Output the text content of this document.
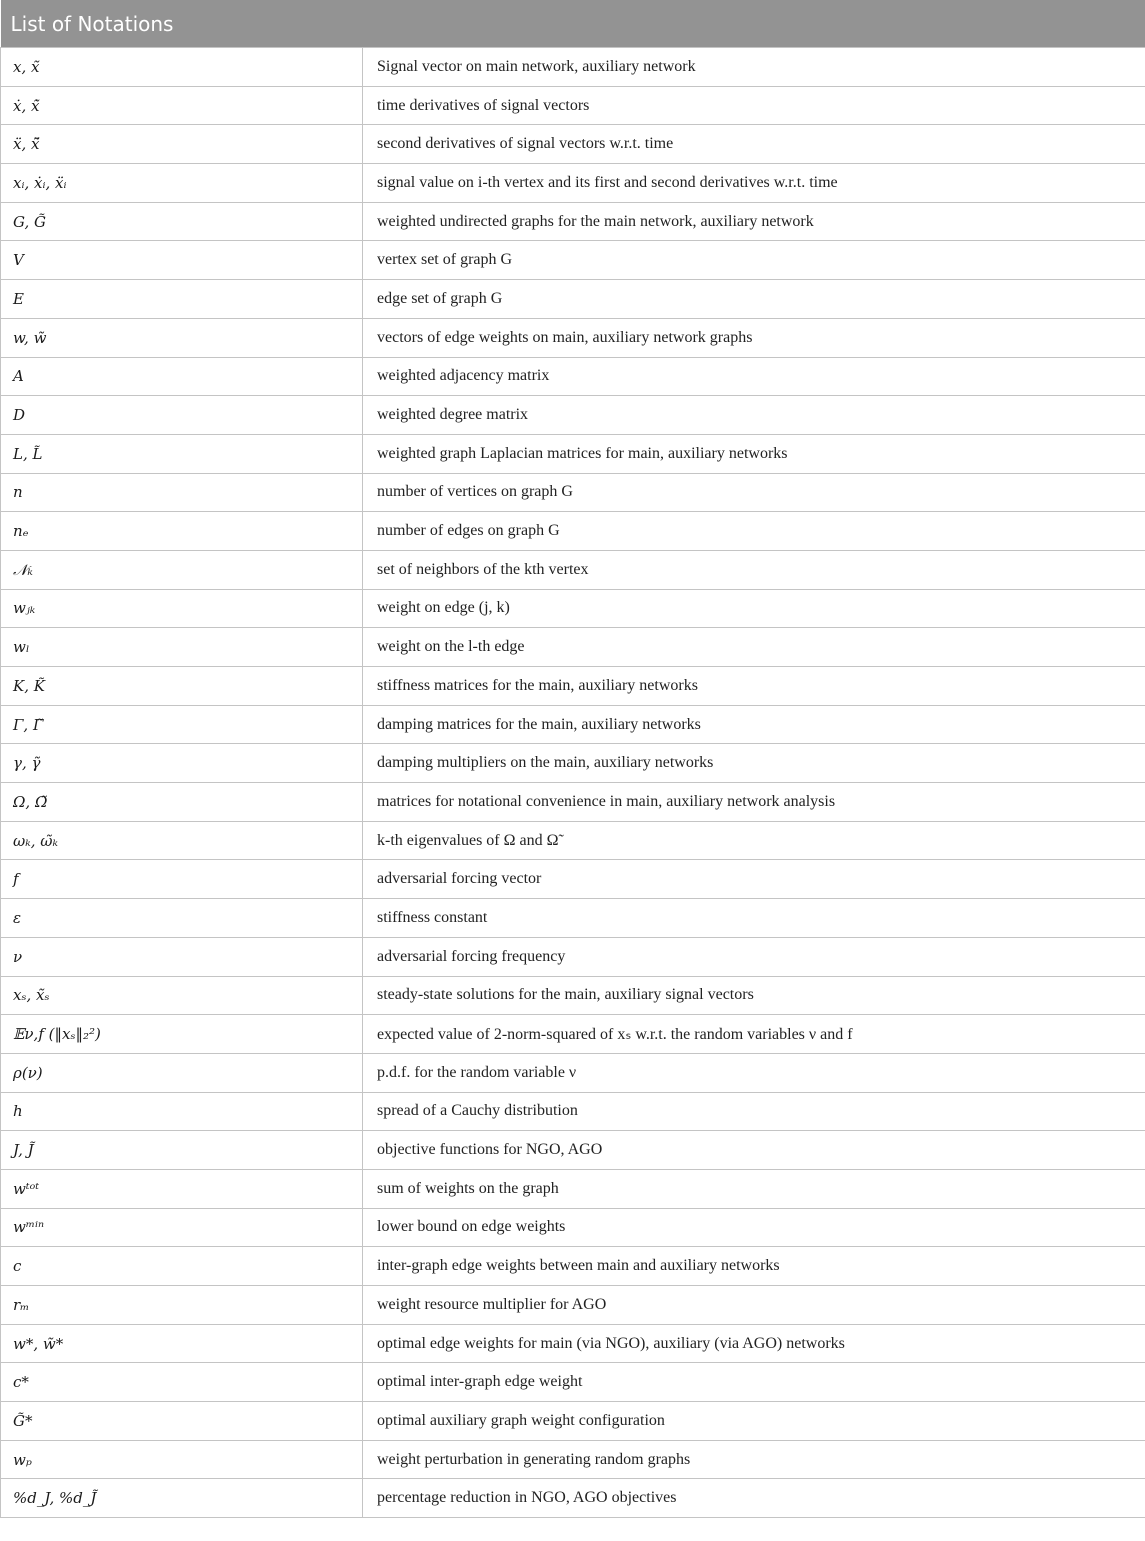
List of Notations	
x, x̃	Signal vector on main network, auxiliary network
ẋ, x̃̇	time derivatives of signal vectors
ẍ, x̃̈	second derivatives of signal vectors w.r.t. time
xᵢ, ẋᵢ, ẍᵢ	signal value on i-th vertex and its first and second derivatives w.r.t. time
G, G̃	weighted undirected graphs for the main network, auxiliary network
V	vertex set of graph G
E	edge set of graph G
w, w̃	vectors of edge weights on main, auxiliary network graphs
A	weighted adjacency matrix
D	weighted degree matrix
L, L̃	weighted graph Laplacian matrices for main, auxiliary networks
n	number of vertices on graph G
nₑ	number of edges on graph G
𝒩ₖ	set of neighbors of the kth vertex
wⱼₖ	weight on edge (j, k)
wₗ	weight on the l-th edge
K, K̃	stiffness matrices for the main, auxiliary networks
Γ, Γ̃	damping matrices for the main, auxiliary networks
γ, γ̃	damping multipliers on the main, auxiliary networks
Ω, Ω̃	matrices for notational convenience in main, auxiliary network analysis
ωₖ, ω̃ₖ	k-th eigenvalues of Ω and Ω̃
f	adversarial forcing vector
ε	stiffness constant
ν	adversarial forcing frequency
xₛ, x̃ₛ	steady-state solutions for the main, auxiliary signal vectors
𝔼ν,f (‖xₛ‖₂²)	expected value of 2-norm-squared of xₛ w.r.t. the random variables ν and f
ρ(ν)	p.d.f. for the random variable ν
h	spread of a Cauchy distribution
J, J̃	objective functions for NGO, AGO
wᵗᵒᵗ	sum of weights on the graph
wᵐⁱⁿ	lower bound on edge weights
c	inter-graph edge weights between main and auxiliary networks
rₘ	weight resource multiplier for AGO
w*, w̃*	optimal edge weights for main (via NGO), auxiliary (via AGO) networks
c*	optimal inter-graph edge weight
G̃*	optimal auxiliary graph weight configuration
wₚ	weight perturbation in generating random graphs
%d_J, %d_J̃	percentage reduction in NGO, AGO objectives
